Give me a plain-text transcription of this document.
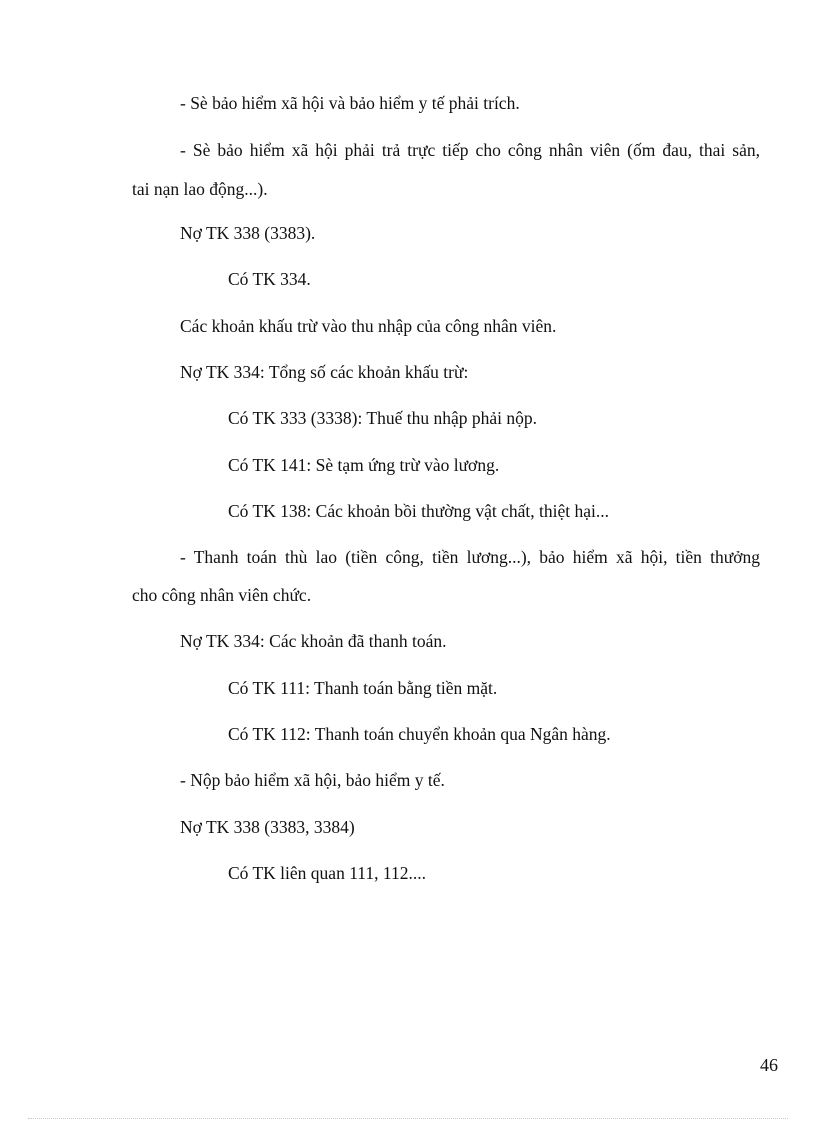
- Sè bảo hiểm xã hội và bảo hiểm y tế phải trích.
- Sè bảo hiểm xã hội phải trả trực tiếp cho công nhân viên (ốm đau, thai sản,
tai nạn lao động...).
Nợ TK 338 (3383).
Có TK 334.
Các khoản khấu trừ vào thu nhập của công nhân viên.
Nợ TK 334: Tổng số các khoản khấu trừ:
Có TK 333 (3338): Thuế thu nhập phải nộp.
Có TK 141: Sè tạm ứng trừ vào lương.
Có TK 138: Các khoản bồi thường vật chất, thiệt hại...
- Thanh toán thù lao (tiền công, tiền lương...), bảo hiểm xã hội, tiền thưởng
cho công nhân viên chức.
Nợ TK 334: Các khoản đã thanh toán.
Có TK 111: Thanh toán bằng tiền mặt.
Có TK 112: Thanh toán chuyển khoản qua Ngân hàng.
- Nộp bảo hiểm xã hội, bảo hiểm y tế.
Nợ TK 338 (3383, 3384)
Có TK liên quan 111, 112....
46
